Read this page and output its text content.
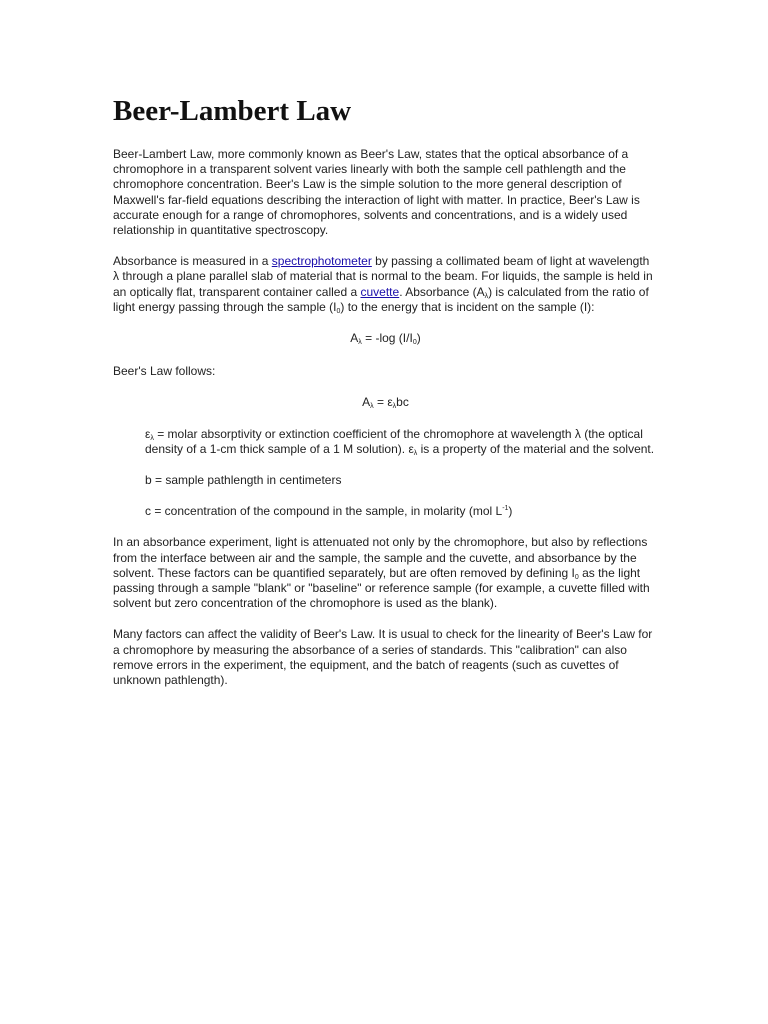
Beer-Lambert Law

Beer-Lambert Law, more commonly known as Beer's Law, states that the optical absorbance of a chromophore in a transparent solvent varies linearly with both the sample cell pathlength and the chromophore concentration. Beer's Law is the simple solution to the more general description of Maxwell's far-field equations describing the interaction of light with matter. In practice, Beer's Law is accurate enough for a range of chromophores, solvents and concentrations, and is a widely used relationship in quantitative spectroscopy.

Absorbance is measured in a spectrophotometer by passing a collimated beam of light at wavelength λ through a plane parallel slab of material that is normal to the beam. For liquids, the sample is held in an optically flat, transparent container called a cuvette. Absorbance $(A_\lambda)$ is calculated from the ratio of light energy passing through the sample $(I_0)$ to the energy that is incident on the sample (I):

$A_\lambda = -\log$ $(I/I_0)$

Beer's Law follows:

$A_\lambda = \varepsilon_\lambda bc$

$\varepsilon_\lambda$ = molar absorptivity or extinction coefficient of the chromophore at wavelength λ (the optical density of a 1-cm thick sample of a 1 M solution). $\varepsilon_\lambda$ is a property of the material and the solvent.

b = sample pathlength in centimeters

c = concentration of the compound in the sample, in molarity (mol $L^{-1}$)

In an absorbance experiment, light is attenuated not only by the chromophore, but also by reflections from the interface between air and the sample, the sample and the cuvette, and absorbance by the solvent. These factors can be quantified separately, but are often removed by defining $I_0$ as the light passing through a sample "blank" or "baseline" or reference sample (for example, a cuvette filled with solvent but zero concentration of the chromophore is used as the blank).

Many factors can affect the validity of Beer's Law. It is usual to check for the linearity of Beer's Law for a chromophore by measuring the absorbance of a series of standards. This "calibration" can also remove errors in the experiment, the equipment, and the batch of reagents (such as cuvettes of unknown pathlength).
